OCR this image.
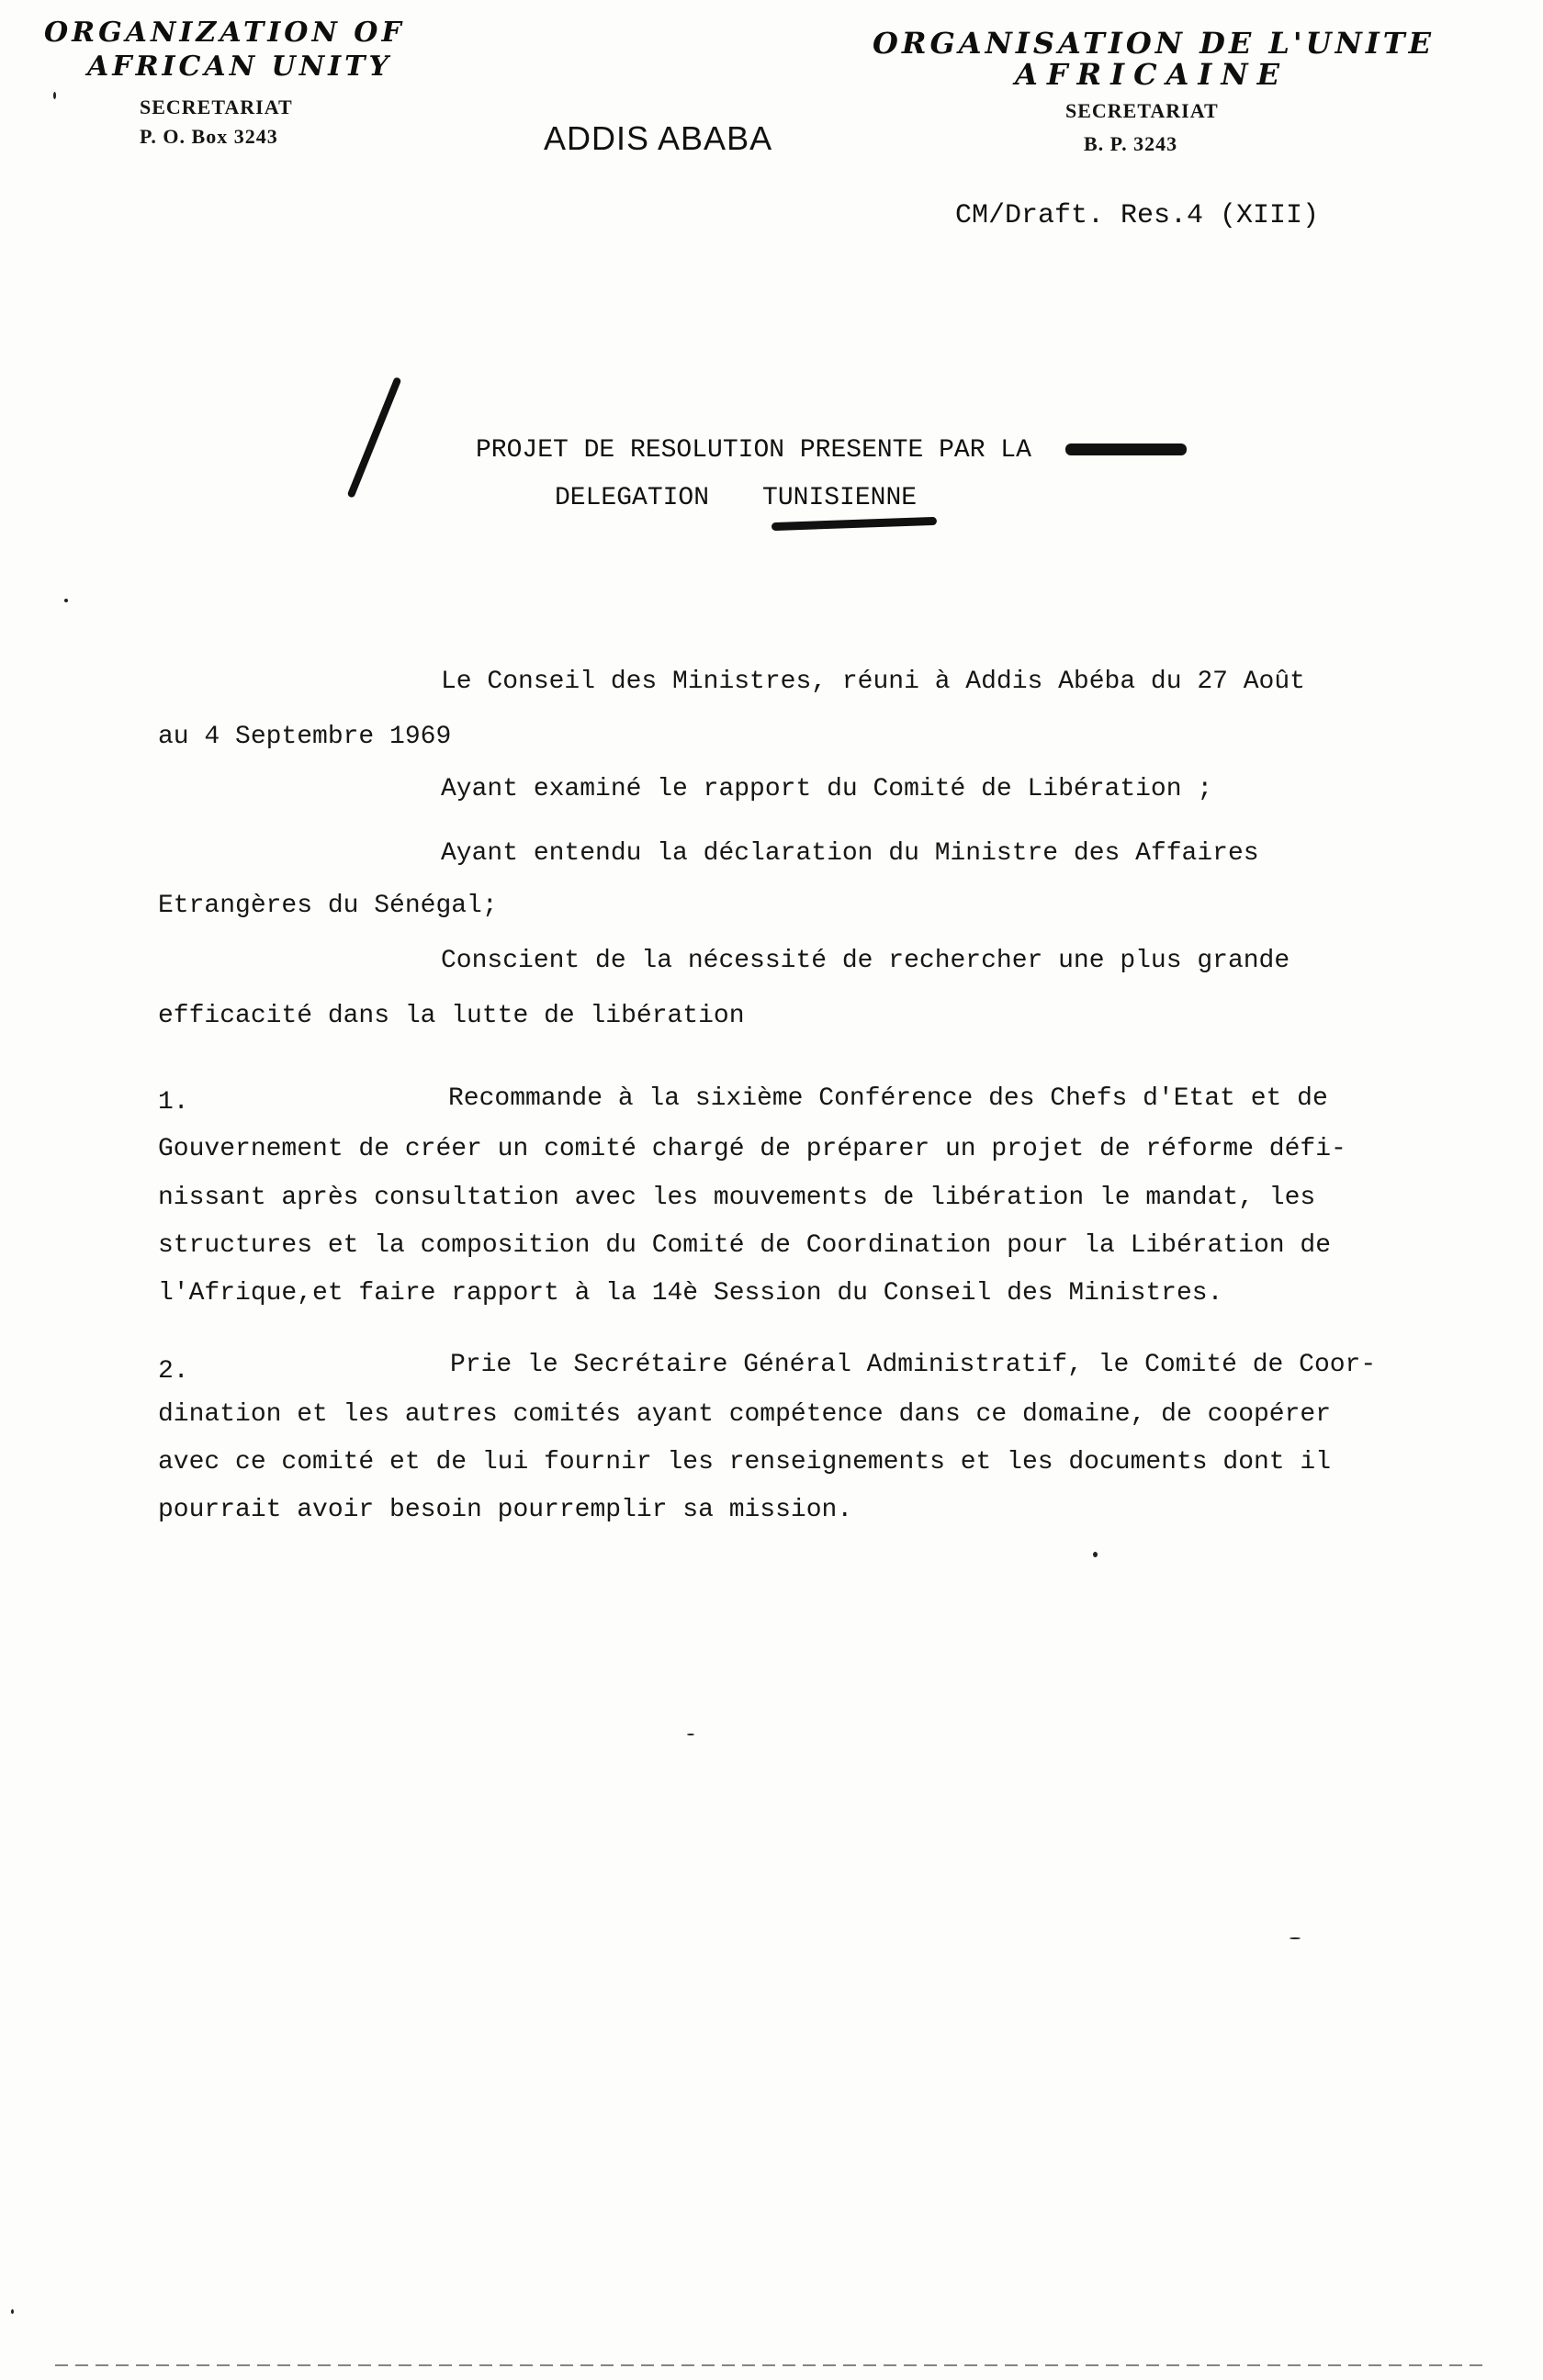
ORGANIZATION OF
AFRICAN UNITY
SECRETARIAT
P. O. Box 3243	ADDIS ABABA
ORGANISATION DE L'UNITE
AFRICAINE
SECRETARIAT
B. P. 3243
CM/Draft. Res.4 (XIII)
PROJET DE RESOLUTION PRESENTE PAR LA
DELEGATION TUNISIENNE
Le Conseil des Ministres, réuni à Addis Abéba du 27 Août
au 4 Septembre 1969
Ayant examiné le rapport du Comité de Libération ;
Ayant entendu la déclaration du Ministre des Affaires
Etrangères du Sénégal;
Conscient de la nécessité de rechercher une plus grande
efficacité dans la lutte de libération
1.	Recommande à la sixième Conférence des Chefs d'Etat et de
Gouvernement de créer un comité chargé de préparer un projet de réforme défi-
nissant après consultation avec les mouvements de libération le mandat, les
structures et la composition du Comité de Coordination pour la Libération de
l'Afrique,et faire rapport à la 14è Session du Conseil des Ministres.
2.	Prie le Secrétaire Général Administratif, le Comité de Coor-
dination et les autres comités ayant compétence dans ce domaine, de coopérer
avec ce comité et de lui fournir les renseignements et les documents dont il
pourrait avoir besoin pourremplir sa mission.
